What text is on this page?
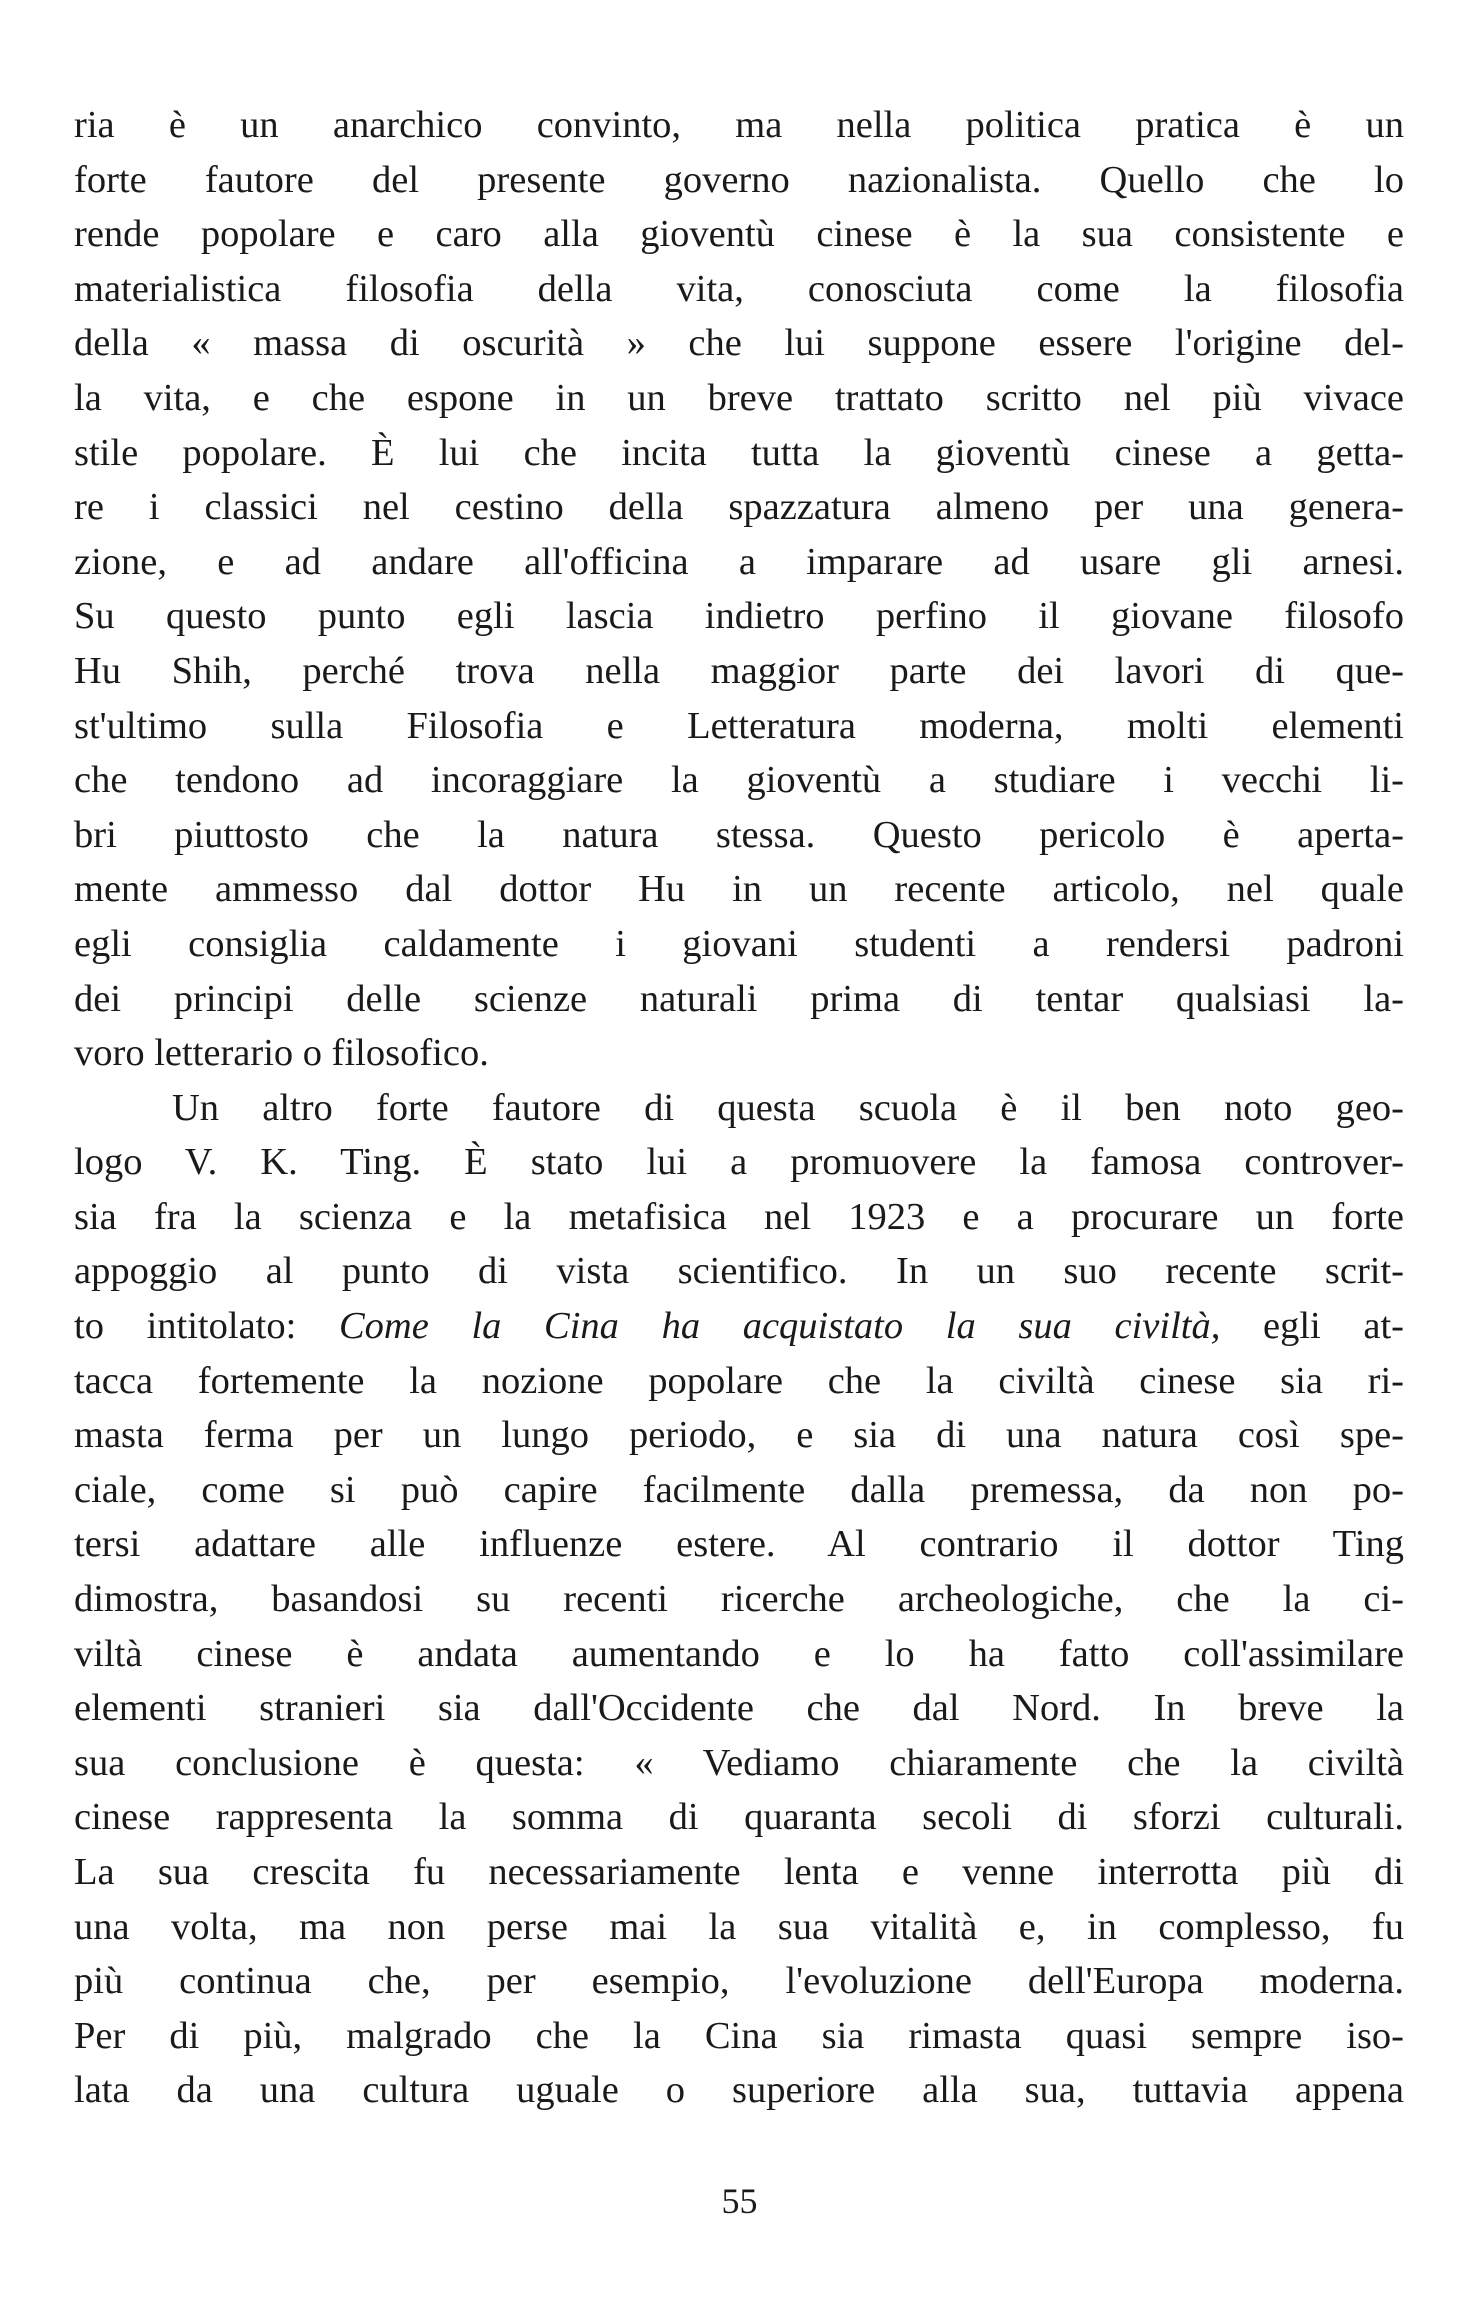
ria è un anarchico convinto, ma nella politica pratica è un
forte fautore del presente governo nazionalista. Quello che lo
rende popolare e caro alla gioventù cinese è la sua consistente e
materialistica filosofia della vita, conosciuta come la filosofia
della « massa di oscurità » che lui suppone essere l'origine del-
la vita, e che espone in un breve trattato scritto nel più vivace
stile popolare. È lui che incita tutta la gioventù cinese a getta-
re i classici nel cestino della spazzatura almeno per una genera-
zione, e ad andare all'officina a imparare ad usare gli arnesi.
Su questo punto egli lascia indietro perfino il giovane filosofo
Hu Shih, perché trova nella maggior parte dei lavori di que-
st'ultimo sulla Filosofia e Letteratura moderna, molti elementi
che tendono ad incoraggiare la gioventù a studiare i vecchi li-
bri piuttosto che la natura stessa. Questo pericolo è aperta-
mente ammesso dal dottor Hu in un recente articolo, nel quale
egli consiglia caldamente i giovani studenti a rendersi padroni
dei principi delle scienze naturali prima di tentar qualsiasi la-
voro letterario o filosofico.
Un altro forte fautore di questa scuola è il ben noto geo-
logo V. K. Ting. È stato lui a promuovere la famosa controver-
sia fra la scienza e la metafisica nel 1923 e a procurare un forte
appoggio al punto di vista scientifico. In un suo recente scrit-
to intitolato: Come la Cina ha acquistato la sua civiltà, egli at-
tacca fortemente la nozione popolare che la civiltà cinese sia ri-
masta ferma per un lungo periodo, e sia di una natura così spe-
ciale, come si può capire facilmente dalla premessa, da non po-
tersi adattare alle influenze estere. Al contrario il dottor Ting
dimostra, basandosi su recenti ricerche archeologiche, che la ci-
viltà cinese è andata aumentando e lo ha fatto coll'assimilare
elementi stranieri sia dall'Occidente che dal Nord. In breve la
sua conclusione è questa: « Vediamo chiaramente che la civiltà
cinese rappresenta la somma di quaranta secoli di sforzi culturali.
La sua crescita fu necessariamente lenta e venne interrotta più di
una volta, ma non perse mai la sua vitalità e, in complesso, fu
più continua che, per esempio, l'evoluzione dell'Europa moderna.
Per di più, malgrado che la Cina sia rimasta quasi sempre iso-
lata da una cultura uguale o superiore alla sua, tuttavia appena
55
